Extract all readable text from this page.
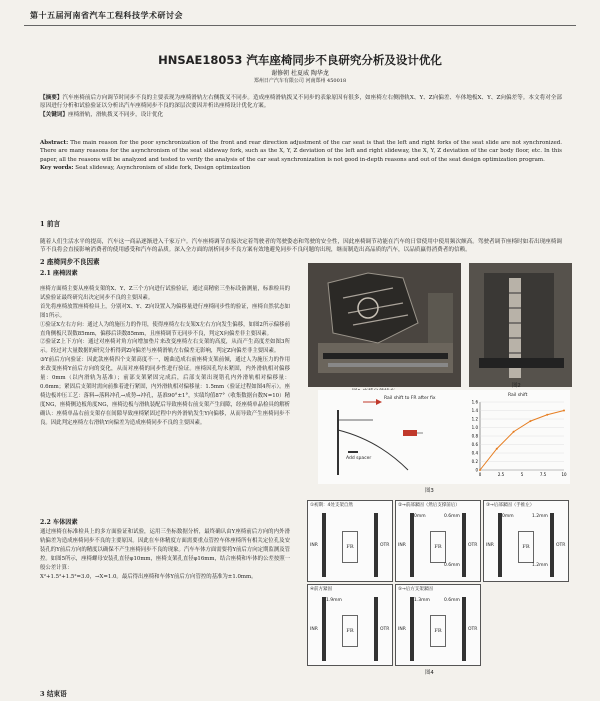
第十五届河南省汽车工程科技学术研讨会
HNSAE18053 汽车座椅同步不良研究分析及设计优化
谢修朝 杜夏威 陶华龙
郑州日产汽车有限公司 河南郑州 450018
【摘要】汽车座椅前后方向调节时同步不良的主要表现为座椅滑轨左右侧拨叉不同步。造成座椅滑轨拨叉不同步的表象原因有很多，如座椅左右侧滑轨X、Y、Z向偏差、车体地板X、Y、Z向偏差等。本文将对全部原因进行分析和试验验证以分析出汽车座椅同步不良的深层次要因并析出座椅设计优化方案。
【关键词】座椅滑轨，滑轨拨叉不同步，设计优化
Abstract: The main reason for the poor synchronization of the front and rear direction adjustment of the car seat is that the left and right forks of the seat slide are not synchronized. There are many reasons for the asynchronism of the seat slideway fork, such as the X, Y, Z deviation of the left and right slideway, the X, Y, Z deviation of the car body floor, etc. In this paper, all the reasons will be analyzed and tested to verify the analysis of the car seat synchronization is not good in-depth reasons and out of the seat design optimization program.
Key words: Seat slideway, Asynchronism of slide fork, Design optimization
1 前言
随着人们生活水平的提高，汽车这一商品逐渐进入千家万户。汽车座椅调节直接决定着驾驶者的驾驶姿态和驾驶的安全性，因此座椅调节功能在汽车的日常使用中使用频次颇高。驾驶者调节座椅时如若出现座椅调节不良将会直接影响消费者的使用感受和汽车的品质。深入全方面的剖析同步不良方案有效地避免同步不良问题的出现，继而制造出高品质的汽车，以品质赢得消费者的信赖。
2 座椅同步不良因素
2.1 座椅因素
座椅方面椅主要从座椅支架的X、Y、Z三个方向进行试验验证，通过高精密三坐标设备测量，标准检具的试验验证最终研究出决定同步不良的主要因素。
首先将座椅放置座椅检具上，分别对X、Y、Z向设置入为偏移量进行座椅同步性的验证，座椅自然状态如图1所示。
①验证X左右方向：通过人为的施压力的作用，使得座椅左右支架X左右方向发生偏移，如图2所示偏移前直角侧板尺误数85mm，偏移后读数85mm，且座椅调节无同步不良，判定X向偏差非主要因素。
②验证Z上下方向：通过对座椅对角方向增加垫片来改变座椅左右支架的高度，从而产生高度差如图3所示。经过对大量数据的研究分析得到Z向偏差与座椅滑轨左右偏差无影响，判定Z向偏差非主要因素。
③Y前后方向验证：因此款座椅四个支架高度不一，缠曲造成右前座椅支架前倾，通过人为施压力的作用来改变座椅Y前后方向的变化，从而对座椅的同步性进行验证。座椅因孔均未紧固，内外滑轨相对偏移量：0mm（以内滑轨为基准）；前部支架紧固完成后，后部支架出现错孔内外滑轨相对偏移量：0.6mm；紧固后支架时需向前推着进行紧固，内外滑轨相对偏移量：1.5mm（验证过程如图4所示）。座椅边板冲压工艺：落料→落料冲孔→成势→冲孔，基准90°±1°，实绩均值87°（收集数据台数N=10）精度NG，座椅侧边板角度NG，座椅边板与滑轨装配后导致座椅右前支架产生间隙，经座椅单品检具的解析确认：座椅单品右前支架存在间隙导致座椅紧固过程中内外滑轨发生Y向偏移，从而导致产生座椅同步不良。因此判定座椅左右滑轨Y向偏差为造成座椅同步不良的主要因素。
2.2 车体因素
通过座椅在标准检具上的多方面验证和试验，运用三坐标数据分析，最终确认由Y座椅前后方向的内外滑轨偏差为造成座椅同步不良的主要原因。因此在车体精度方面需要重点管控车体座椅所有相关定位孔及安装孔的Y前后方向的精度以确保不产生座椅同步不良的现象。汽车车体方面需要将Y前后方向定期监测及管控。如图5所示，座椅螺母安装孔直径φ10mm，座椅支架孔直径φ16mm，结合座椅和车体的公差按照一般公差计算：
X²+1.5²+1.5²=3.0，→X=1.0。最后得出座椅和车体Y前后方向管控的基准为±1.0mm。
3 结束语
图2
1.6
1.4
1.2
1.0
0.8
0.6
0.4
0.2
0
0	2.5	5	7.5	10
Rail shift to FR after fix
Add spacer
Rail shift
图3
①初期：4处支架自然
INR	OTR
FR
②→前部紧固（然后支撑前后）
INR	OTR
FR
0mm	0.6mm
0.6mm
③→后部紧固（手推左）
INR	OTR
FR
0mm	1.2mm
1.2mm
④前方紧固
INR	OTR
FR
1.9mm
⑤→后方支架紧固
INR	OTR
FR
1.3mm	0.6mm
图4
